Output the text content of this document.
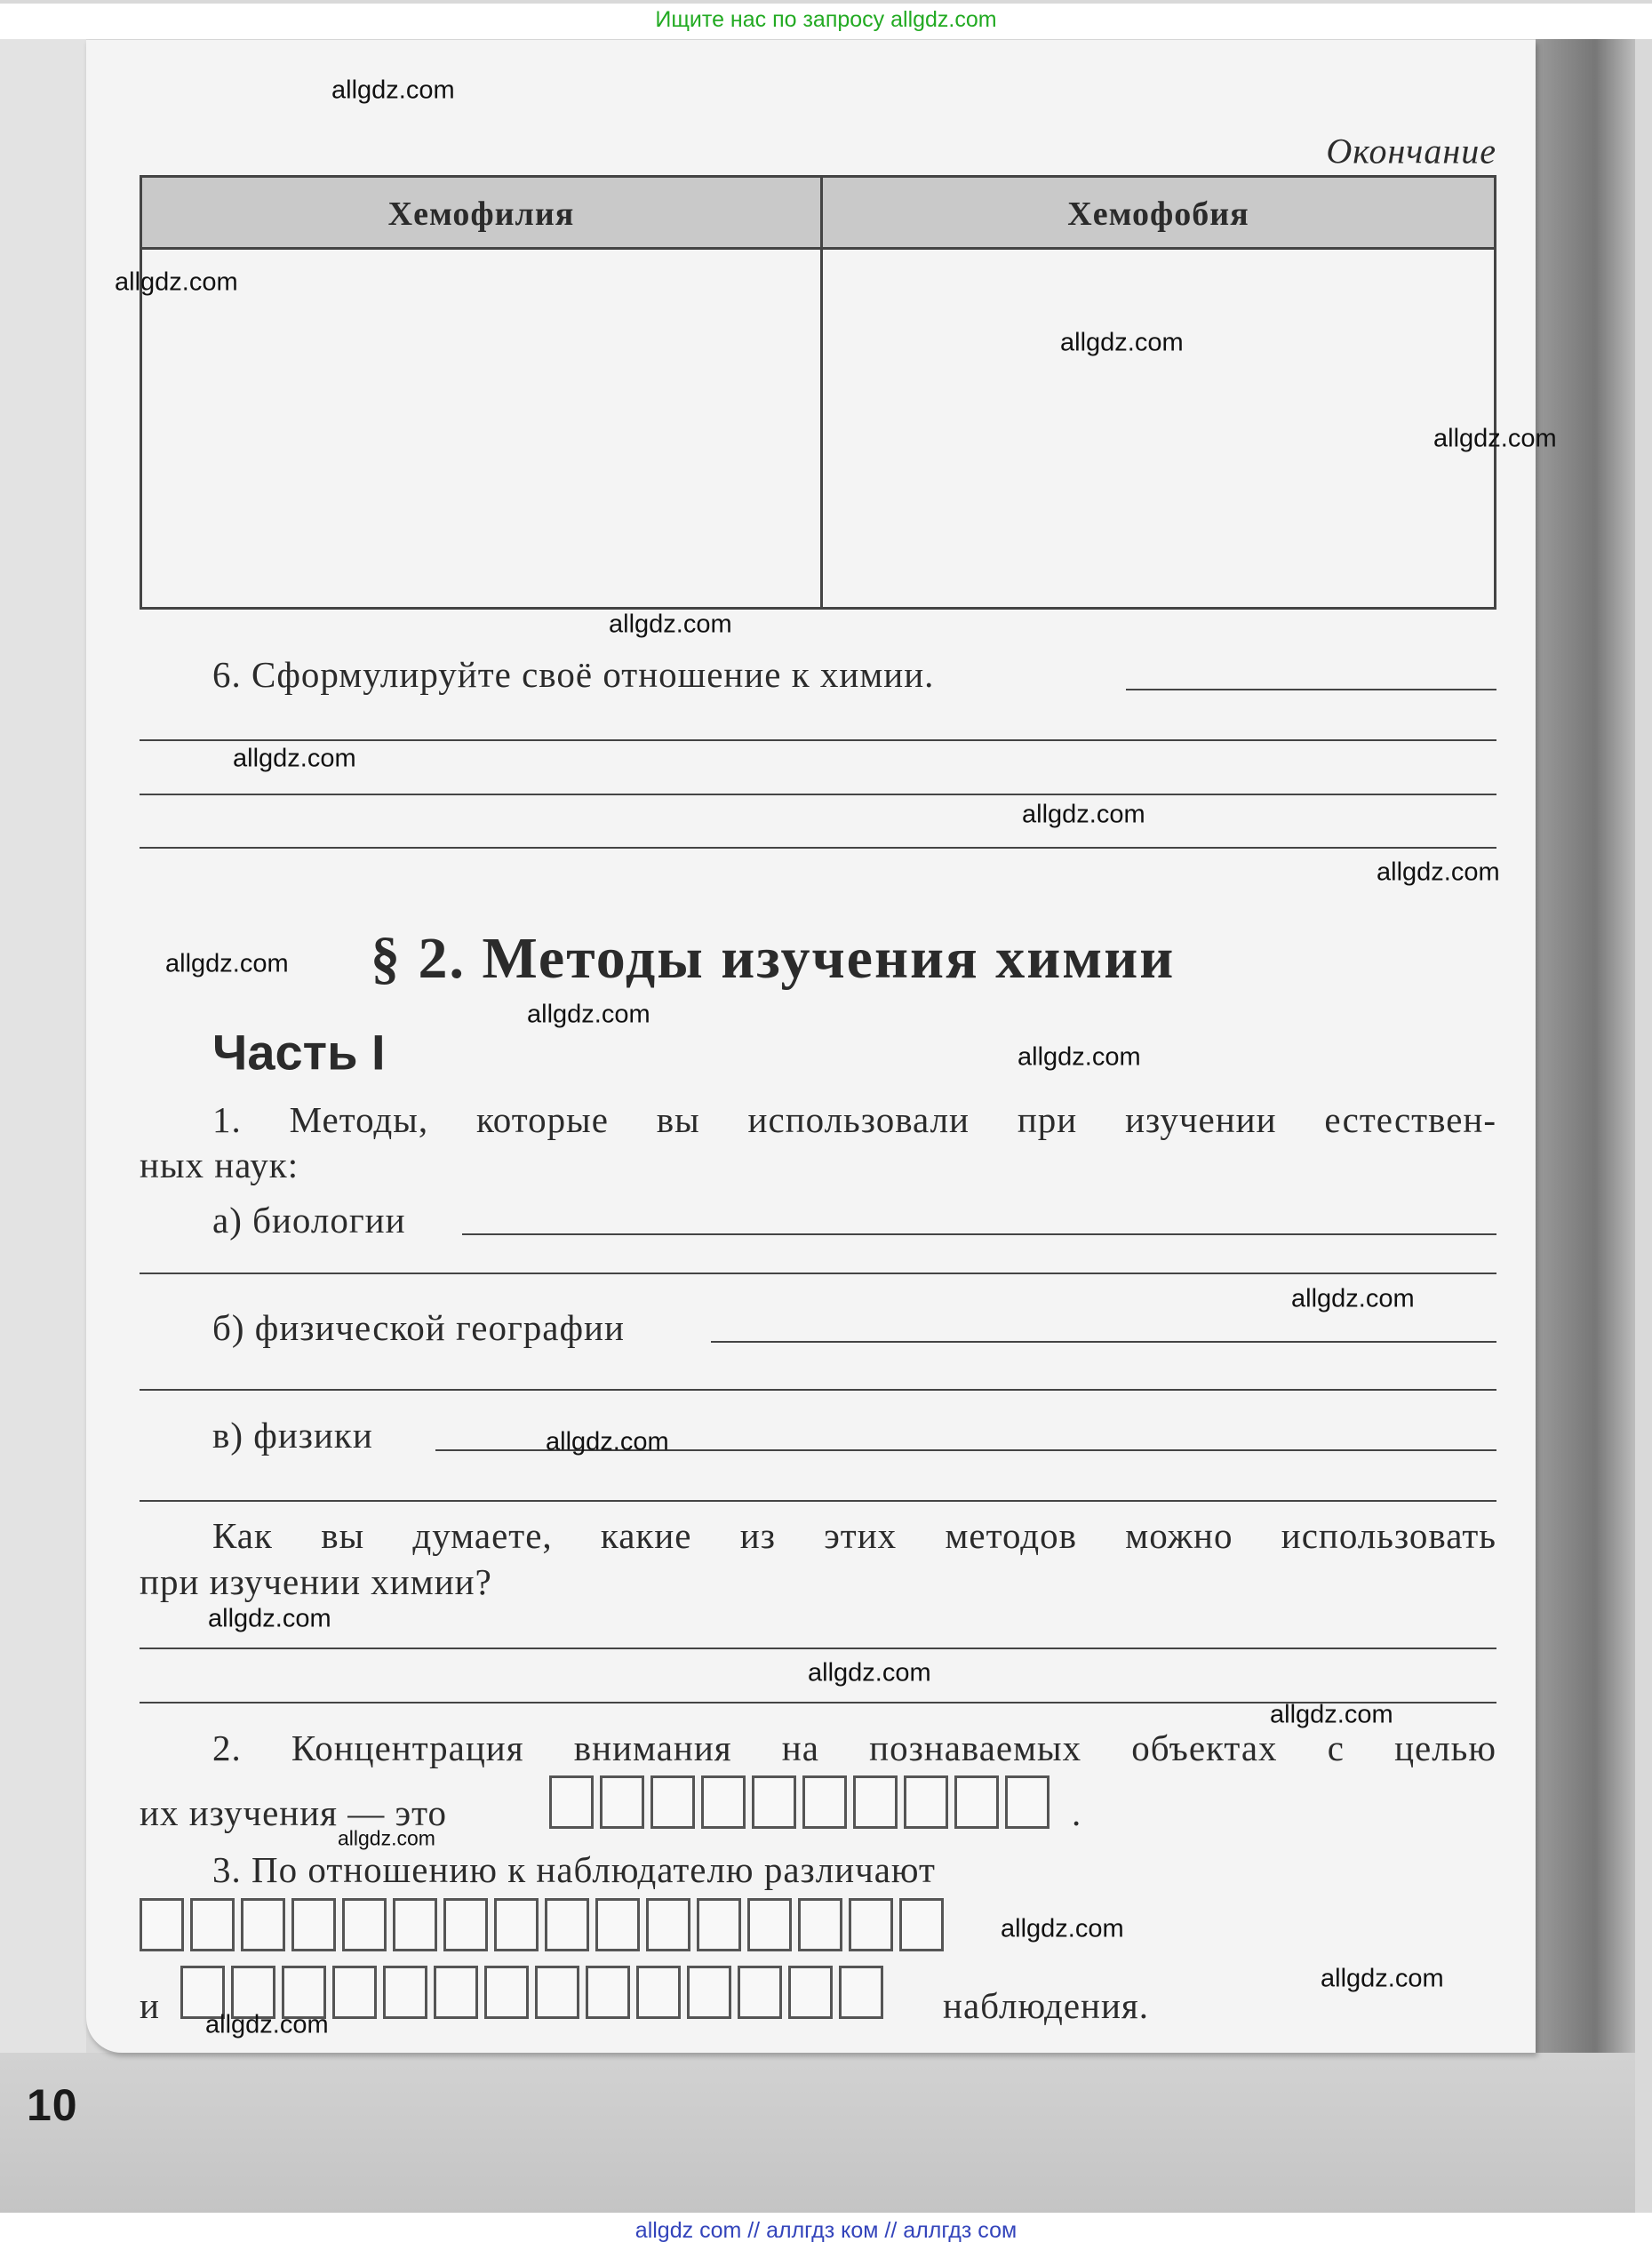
Ищите нас по запросу allgdz.com
Окончание
Хемофилия	Хемофобия
6. Сформулируйте своё отношение к химии.
§ 2. Методы изучения химии
Часть I
1. Методы, которые вы использовали при изучении естествен-
ных наук:
а) биологии
б) физической географии
в) физики
Как вы думаете, какие из этих методов можно использовать
при изучении химии?
2. Концентрация внимания на познаваемых объектах с целью
их изучения — это	.
3. По отношению к наблюдателю различают
и	наблюдения.
10
allgdz com // аллгдз ком // аллгдз сом
allgdz.com
allgdz.com
allgdz.com
allgdz.com
allgdz.com
allgdz.com
allgdz.com
allgdz.com
allgdz.com
allgdz.com
allgdz.com
allgdz.com
allgdz.com
allgdz.com
allgdz.com
allgdz.com
allgdz.com
allgdz.com
allgdz.com
allgdz.com
